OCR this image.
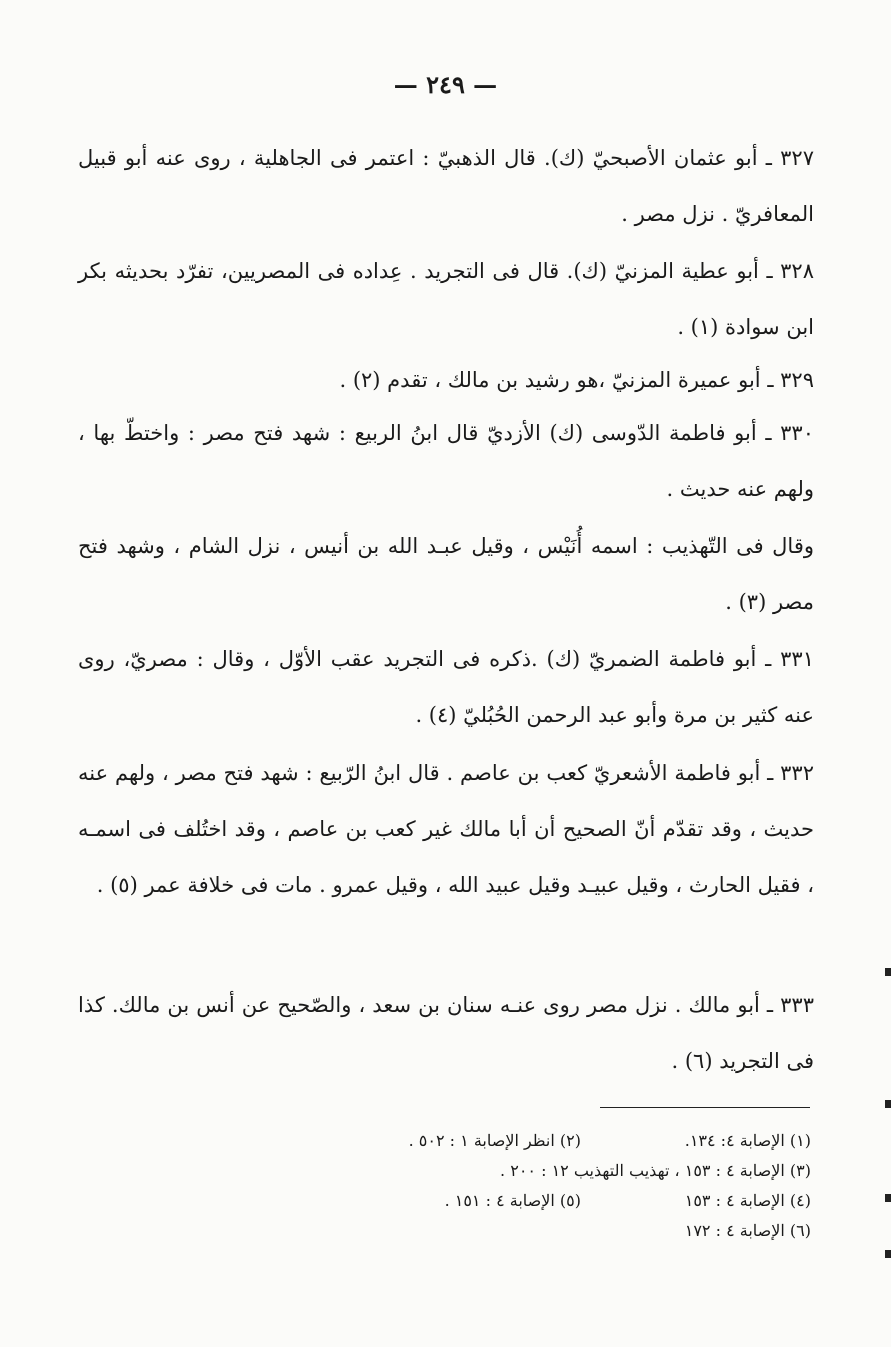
— ٢٤٩ —

٣٢٧ ـ أبو عثمان الأصبحيّ (ك). قال الذهبيّ : اعتمر فى الجاهلية ، روى عنه أبو قبيل المعافريّ . نزل مصر .

٣٢٨ ـ أبو عطية المزنيّ (ك). قال فى التجريد . عِداده فى المصريين، تفرّد بحديثه بكر ابن سوادة (١) .

٣٢٩ ـ أبو عميرة المزنيّ ،هو رشيد بن مالك ، تقدم (٢) .

٣٣٠ ـ أبو فاطمة الدّوسى (ك) الأزديّ قال ابنُ الربيع : شهد فتح مصر : واختطّ بها ، ولهم عنه حديث .

وقال فى التّهذيب : اسمه أُنَيْس ، وقيل عبـد الله بن أنيس ، نزل الشام ، وشهد فتح مصر (٣) .

٣٣١ ـ أبو فاطمة الضمريّ (ك) .ذكره فى التجريد عقب الأوّل ، وقال : مصريّ، روى عنه كثير بن مرة وأبو عبد الرحمن الحُبُليّ (٤) .

٣٣٢ ـ أبو فاطمة الأشعريّ كعب بن عاصم . قال ابنُ الرّبيع : شهد فتح مصر ، ولهم عنه حديث ، وقد تقدّم أنّ الصحيح أن أبا مالك غير كعب بن عاصم ، وقد اختُلف فى اسمـه ، فقيل الحارث ، وقيل عبيـد وقيل عبيد الله ، وقيل عمرو . مات فى خلافة عمر (٥) .

٣٣٣ ـ أبو مالك . نزل مصر روى عنـه سنان بن سعد ، والصّحيح عن أنس بن مالك. كذا فى التجريد (٦) .

(١) الإصابة ٤: ١٣٤.
(٢) انظر الإصابة ١ : ٥٠٢ .
(٣) الإصابة ٤ : ١٥٣ ، تهذيب التهذيب ١٢ : ٢٠٠ .
(٤) الإصابة ٤ : ١٥٣
(٥) الإصابة ٤ : ١٥١ .
(٦) الإصابة ٤ : ١٧٢
